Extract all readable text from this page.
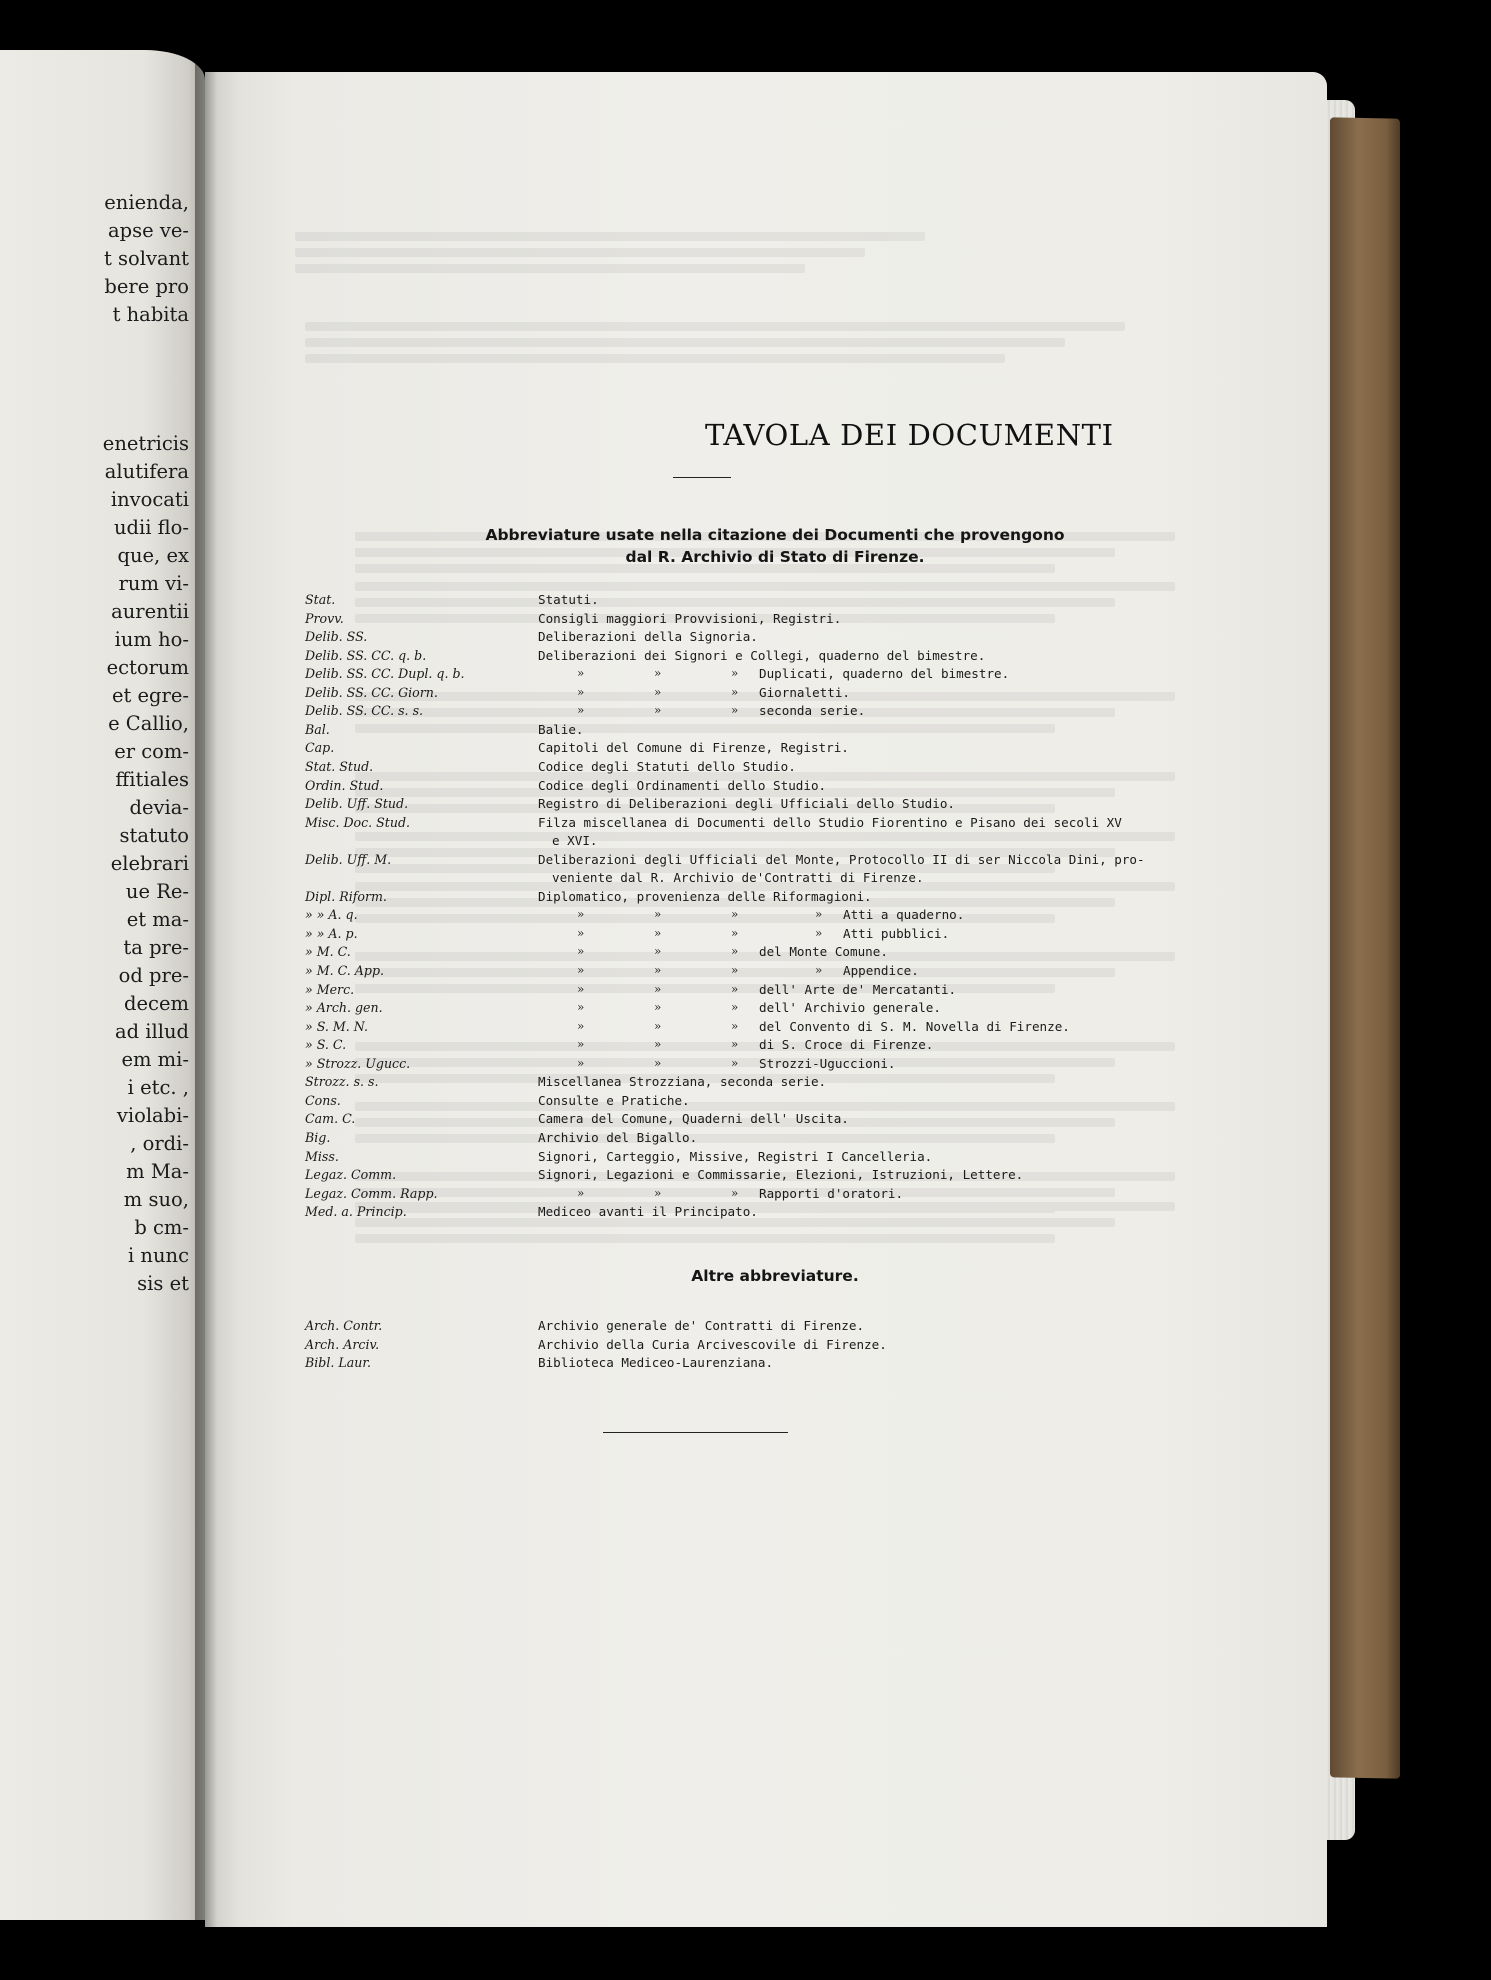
enienda,
apse ve-
t solvant
bere pro
t habita
enetricis
alutifera
invocati
udii flo-
que, ex
rum vi-
aurentii
ium ho-
ectorum
et egre-
e Callio,
er com-
ffitiales
devia-
statuto
elebrari
ue Re-
et ma-
ta pre-
od pre-
decem
ad illud
em mi-
i etc. ,
violabi-
, ordi-
m Ma-
m suo,
b cm-
i nunc
sis et
TAVOLA DEI DOCUMENTI
Abbreviature usate nella citazione dei Documenti che provengono
dal R. Archivio di Stato di Firenze.
Stat.	Statuti.
Provv.	Consigli maggiori Provvisioni, Registri.
Delib. SS.	Deliberazioni della Signoria.
Delib. SS. CC. q. b.	Deliberazioni dei Signori e Collegi, quaderno del bimestre.
Delib. SS. CC. Dupl. q. b.	»	»	» Duplicati, quaderno del bimestre.
Delib. SS. CC. Giorn.	»	»	» Giornaletti.
Delib. SS. CC. s. s.	»	»	» seconda serie.
Bal.	Balie.
Cap.	Capitoli del Comune di Firenze, Registri.
Stat. Stud.	Codice degli Statuti dello Studio.
Ordin. Stud.	Codice degli Ordinamenti dello Studio.
Delib. Uff. Stud.	Registro di Deliberazioni degli Ufficiali dello Studio.
Misc. Doc. Stud.	Filza miscellanea di Documenti dello Studio Fiorentino e Pisano dei secoli XV
e XVI.
Delib. Uff. M.	Deliberazioni degli Ufficiali del Monte, Protocollo II di ser Niccola Dini, pro-
veniente dal R. Archivio de'Contratti di Firenze.
Dipl. Riform.	Diplomatico, provenienza delle Riformagioni.
» » A. q.	»	»	»	» Atti a quaderno.
» » A. p.	»	»	»	» Atti pubblici.
» M. C.	»	»	» del Monte Comune.
» M. C. App.	»	»	»	» Appendice.
» Merc.	»	»	» dell' Arte de' Mercatanti.
» Arch. gen.	»	»	» dell' Archivio generale.
» S. M. N.	»	»	» del Convento di S. M. Novella di Firenze.
» S. C.	»	»	» di S. Croce di Firenze.
» Strozz. Ugucc.	»	»	» Strozzi-Uguccioni.
Strozz. s. s.	Miscellanea Strozziana, seconda serie.
Cons.	Consulte e Pratiche.
Cam. C.	Camera del Comune, Quaderni dell' Uscita.
Big.	Archivio del Bigallo.
Miss.	Signori, Carteggio, Missive, Registri I Cancelleria.
Legaz. Comm.	Signori, Legazioni e Commissarie, Elezioni, Istruzioni, Lettere.
Legaz. Comm. Rapp.	»	»	» Rapporti d'oratori.
Med. a. Princip.	Mediceo avanti il Principato.
Altre abbreviature.
Arch. Contr.	Archivio generale de' Contratti di Firenze.
Arch. Arciv.	Archivio della Curia Arcivescovile di Firenze.
Bibl. Laur.	Biblioteca Mediceo-Laurenziana.
